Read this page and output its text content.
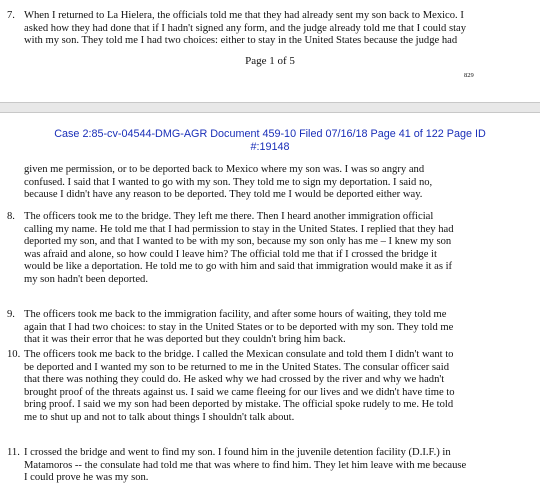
7. When I returned to La Hielera, the officials told me that they had already sent my son back to Mexico. I
asked how they had done that if I hadn't signed any form, and the judge already told me that I could stay
with my son. They told me I had two choices: either to stay in the United States because the judge had
Page 1 of 5
829
Case 2:85-cv-04544-DMG-AGR Document 459-10 Filed 07/16/18 Page 41 of 122 Page ID
#:19148
given me permission, or to be deported back to Mexico where my son was. I was so angry and
confused. I said that I wanted to go with my son. They told me to sign my deportation. I said no,
because I didn't have any reason to be deported. They told me I would be deported either way.
8. The officers took me to the bridge. They left me there. Then I heard another immigration official
calling my name. He told me that I had permission to stay in the United States. I replied that they had
deported my son, and that I wanted to be with my son, because my son only has me – I knew my son
was afraid and alone, so how could I leave him? The official told me that if I crossed the bridge it
would be like a deportation. He told me to go with him and said that immigration would make it as if
my son hadn't been deported.
9. The officers took me back to the immigration facility, and after some hours of waiting, they told me
again that I had two choices: to stay in the United States or to be deported with my son. They told me
that it was their error that he was deported but they couldn't bring him back.
10. The officers took me back to the bridge. I called the Mexican consulate and told them I didn't want to
be deported and I wanted my son to be returned to me in the United States. The consular officer said
that there was nothing they could do. He asked why we had crossed by the river and why we hadn't
brought proof of the threats against us. I said we came fleeing for our lives and we didn't have time to
bring proof. I said we my son had been deported by mistake. The official spoke rudely to me. He told
me to shut up and not to talk about things I shouldn't talk about.
11. I crossed the bridge and went to find my son. I found him in the juvenile detention facility (D.I.F.) in
Matamoros -- the consulate had told me that was where to find him. They let him leave with me because
I could prove he was my son.
